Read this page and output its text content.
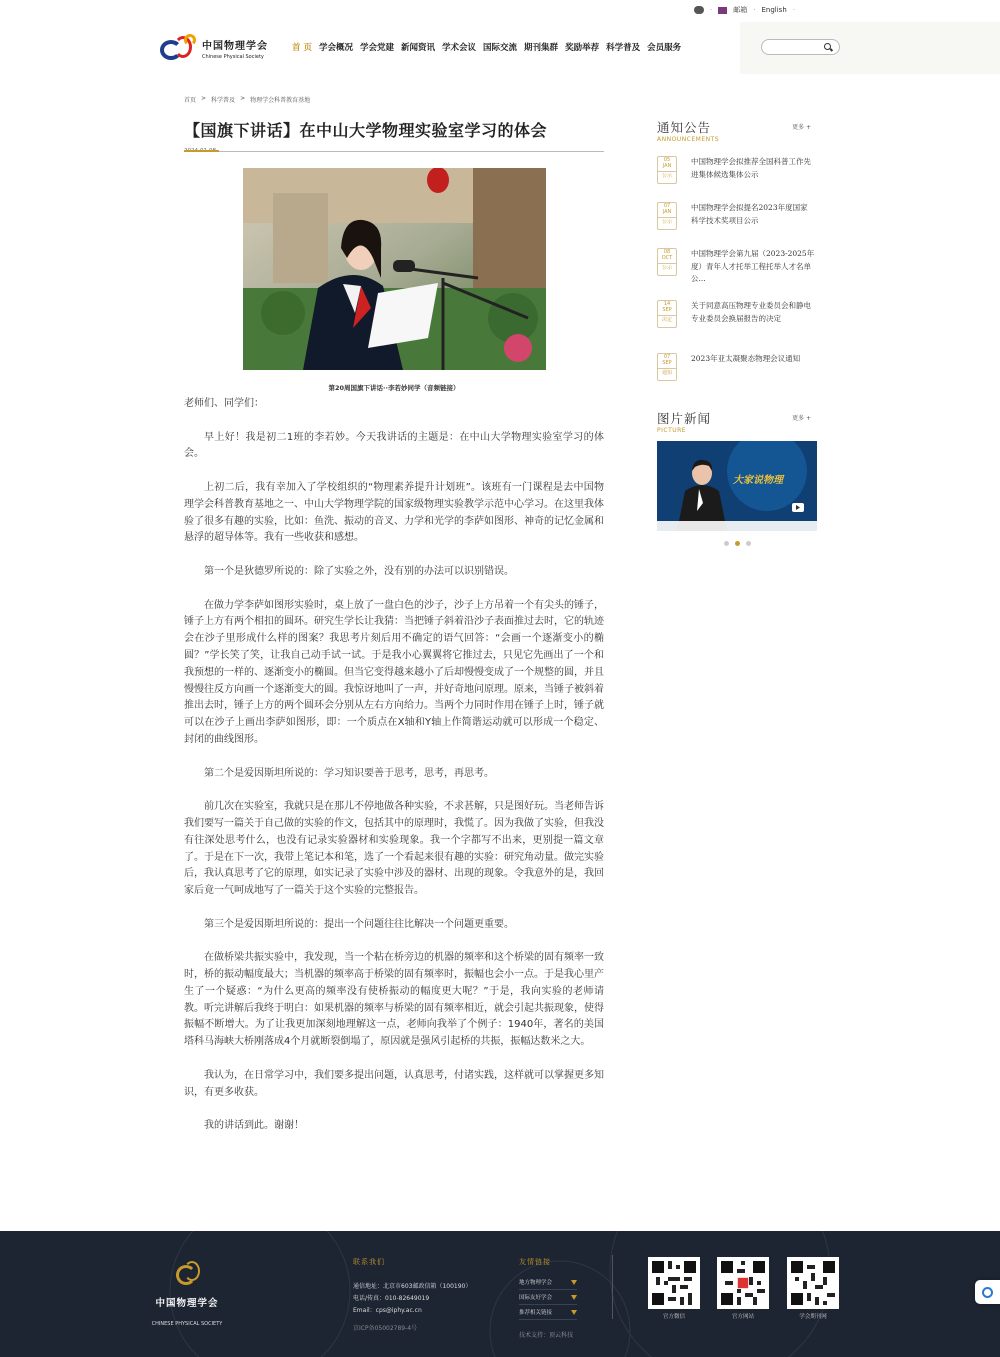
·	邮箱 · English ·
中国物理学会
Chinese Physical Society
首 页 学会概况 学会党建 新闻资讯 学术会议 国际交流 期刊集群 奖励举荐 科学普及 会员服务
首页 > 科学普及 > 物理学会科普教育基地
【国旗下讲话】在中山大学物理实验室学习的体会
第20周国旗下讲话··李若妙同学（音频链接）

老师们、同学们：

早上好！我是初二1班的李若妙。今天我讲话的主题是：在中山大学物理实验室学习的体会。

上初二后，我有幸加入了学校组织的“物理素养提升计划班”。该班有一门课程是去中国物理学会科普教育基地之一、中山大学物理学院的国家级物理实验教学示范中心学习。在这里我体验了很多有趣的实验，比如：鱼洗、振动的音叉、力学和光学的李萨如图形、神奇的记忆金属和悬浮的超导体等。我有一些收获和感想。

第一个是狄德罗所说的：除了实验之外，没有别的办法可以识别错误。

在做力学李萨如图形实验时，桌上放了一盘白色的沙子，沙子上方吊着一个有尖头的锤子，锤子上方有两个相扣的圆环。研究生学长让我猜：当把锤子斜着沿沙子表面推过去时，它的轨迹会在沙子里形成什么样的图案？我思考片刻后用不确定的语气回答：“会画一个逐渐变小的椭圆？”学长笑了笑，让我自己动手试一试。于是我小心翼翼将它推过去，只见它先画出了一个和我预想的一样的、逐渐变小的椭圆。但当它变得越来越小了后却慢慢变成了一个规整的圆，并且慢慢往反方向画一个逐渐变大的圆。我惊讶地叫了一声，并好奇地问原理。原来，当锤子被斜着推出去时，锤子上方的两个圆环会分别从左右方向给力。当两个力同时作用在锤子上时，锤子就可以在沙子上画出李萨如图形，即：一个质点在X轴和Y轴上作简谐运动就可以形成一个稳定、封闭的曲线图形。

第二个是爱因斯坦所说的：学习知识要善于思考，思考，再思考。

前几次在实验室，我就只是在那儿不停地做各种实验，不求甚解，只是图好玩。当老师告诉我们要写一篇关于自己做的实验的作文，包括其中的原理时，我慌了。因为我做了实验，但我没有往深处思考什么，也没有记录实验器材和实验现象。我一个字都写不出来，更别提一篇文章了。于是在下一次，我带上笔记本和笔，选了一个看起来很有趣的实验：研究角动量。做完实验后，我认真思考了它的原理，如实记录了实验中涉及的器材、出现的现象。令我意外的是，我回家后竟一气呵成地写了一篇关于这个实验的完整报告。

第三个是爱因斯坦所说的：提出一个问题往往比解决一个问题更重要。

在做桥梁共振实验中，我发现，当一个粘在桥旁边的机器的频率和这个桥梁的固有频率一致时，桥的振动幅度最大；当机器的频率高于桥梁的固有频率时，振幅也会小一点。于是我心里产生了一个疑惑：“为什么更高的频率没有使桥振动的幅度更大呢？”于是，我向实验的老师请教。听完讲解后我终于明白：如果机器的频率与桥梁的固有频率相近，就会引起共振现象，使得振幅不断增大。为了让我更加深刻地理解这一点，老师向我举了个例子：1940年，著名的美国塔科马海峡大桥刚落成4个月就断裂倒塌了，原因就是强风引起桥的共振，振幅达数米之大。

我认为，在日常学习中，我们要多提出问题，认真思考，付诸实践，这样就可以掌握更多知识，有更多收获。

我的讲话到此。谢谢！

通知公告
ANNOUNCEMENTS
更多 +
05
JAN
公示
中国物理学会拟推荐全国科普工作先进集体候选集体公示
07
JAN
公示
中国物理学会拟提名2023年度国家科学技术奖项目公示
08
OCT
公示
中国物理学会第九届（2023-2025年度）青年人才托举工程托举人才名单公...
14
SEP
决定
关于同意高压物理专业委员会和静电专业委员会换届报告的决定
07
SEP
通知
2023年亚太凝聚态物理会议通知
图片新闻
PICTURE
更多 +
大家说物理
中国物理学会
CHINESE PHYSICAL SOCIETY
联系我们
通信地址：北京市603邮政信箱（100190）
电话/传真：010-82649019
Email：cps@iphy.ac.cn
京ICP备05002789-4号
友情链接
地方物理学会
国际友好学会
推荐相关链接
技术支持：顶云科技
官方微信	官方网站	学会期刊网
